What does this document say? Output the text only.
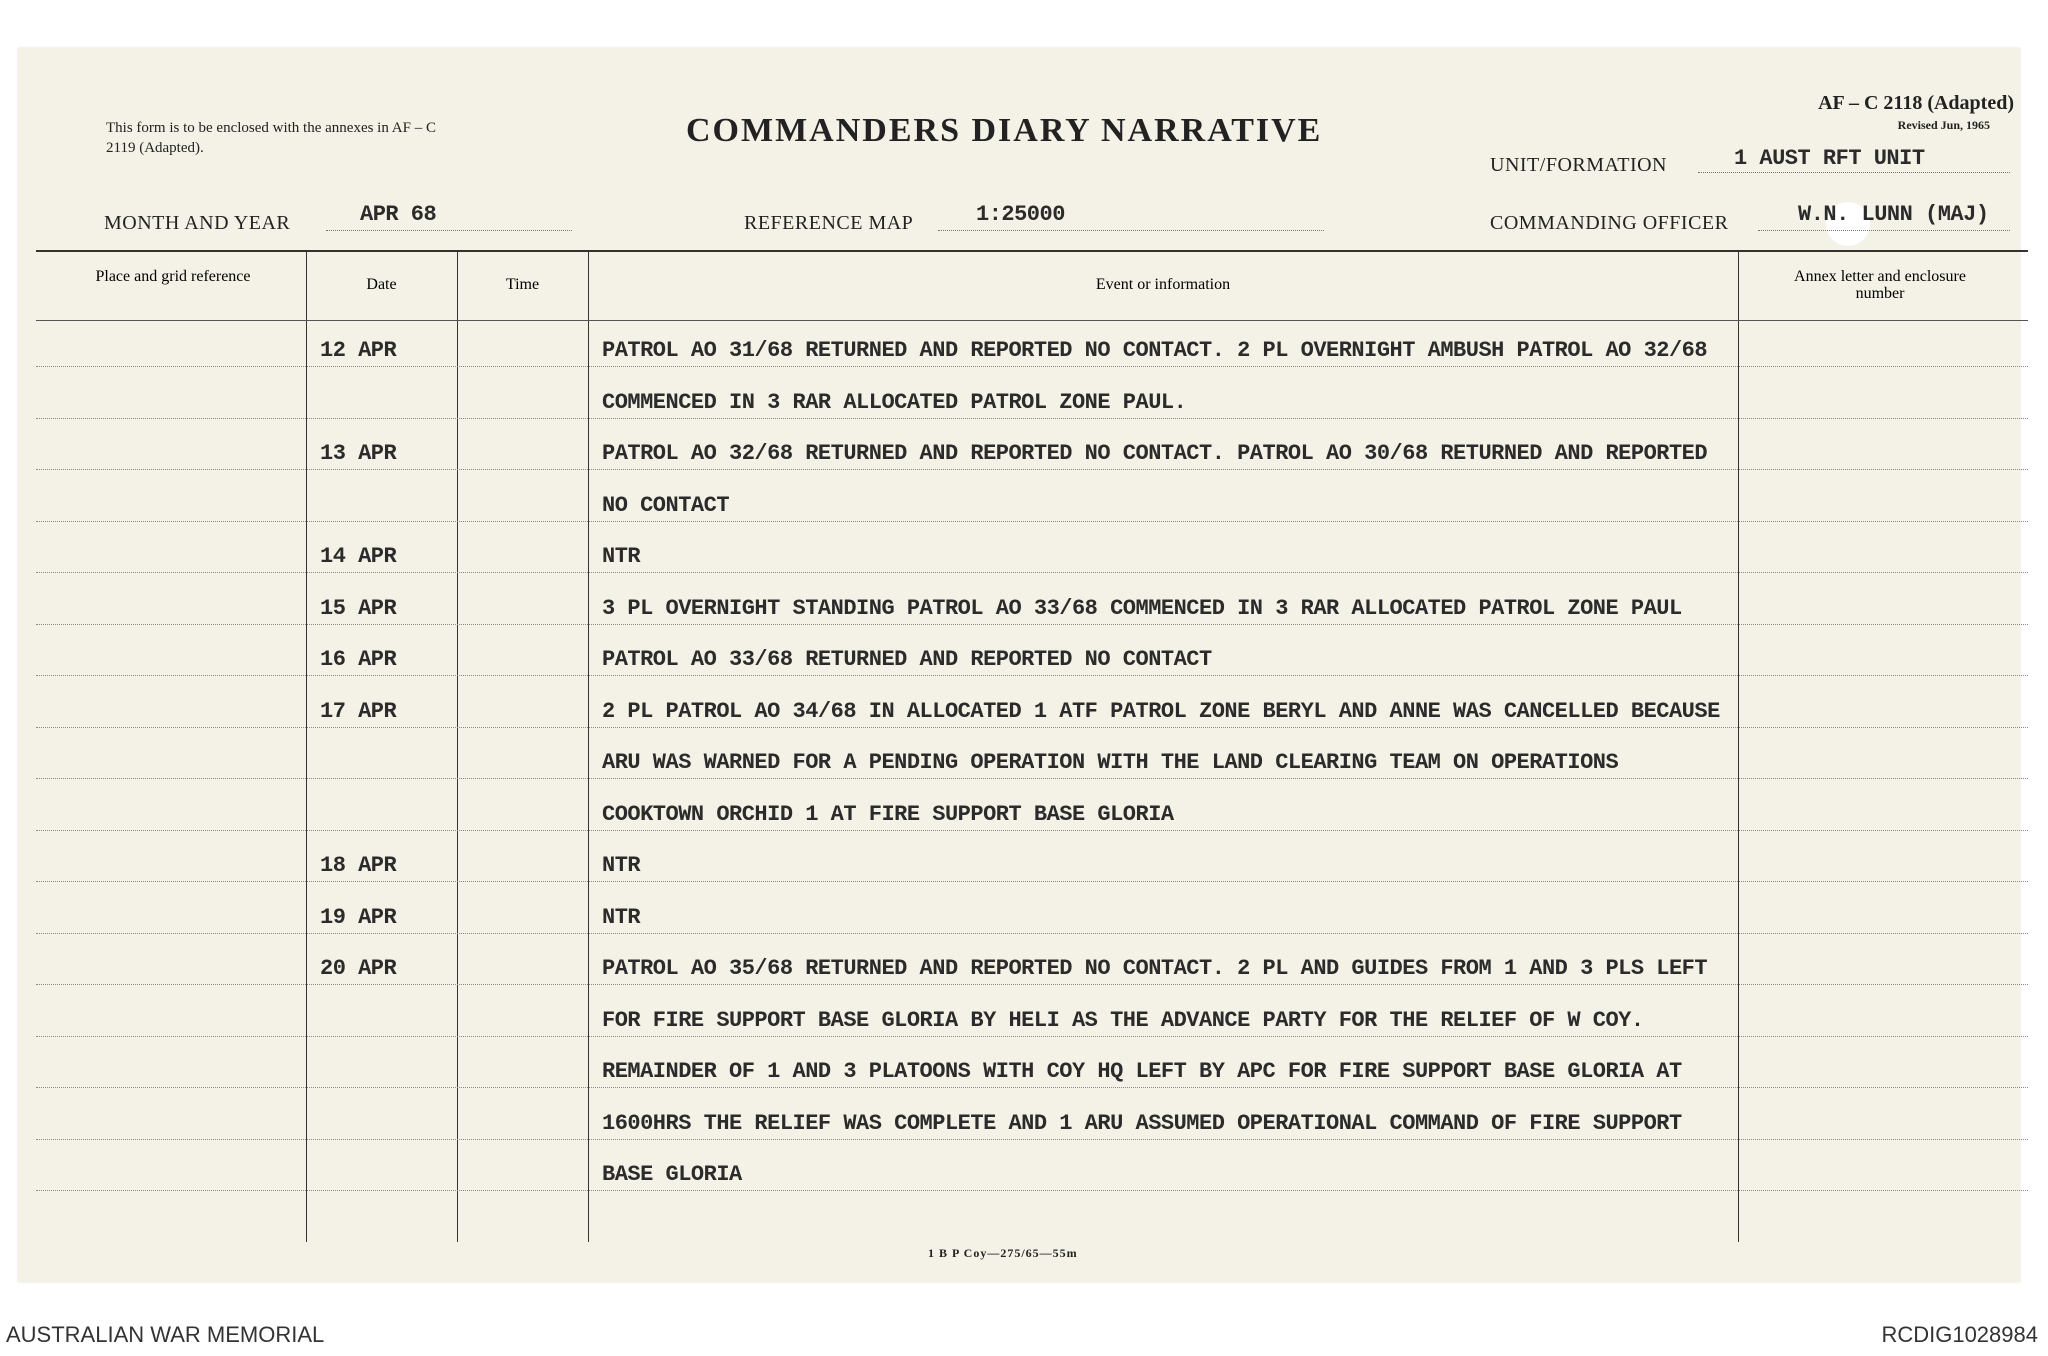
This form is to be enclosed with the annexes in AF – C 2119 (Adapted).	COMMANDERS DIARY NARRATIVE
AF – C 2118 (Adapted)
Revised Jun, 1965
UNIT/FORMATION	1 AUST RFT UNIT
MONTH AND YEAR	APR 68	REFERENCE MAP	1:25000	COMMANDING OFFICER	W.N. LUNN (MAJ)
Place and grid reference	Date	Time	Event or information	Annex letter and enclosure number
12 APR	PATROL AO 31/68 RETURNED AND REPORTED NO CONTACT. 2 PL OVERNIGHT AMBUSH PATROL AO 32/68
COMMENCED IN 3 RAR ALLOCATED PATROL ZONE PAUL.
13 APR	PATROL AO 32/68 RETURNED AND REPORTED NO CONTACT. PATROL AO 30/68 RETURNED AND REPORTED
NO CONTACT
14 APR	NTR
15 APR	3 PL OVERNIGHT STANDING PATROL AO 33/68 COMMENCED IN 3 RAR ALLOCATED PATROL ZONE PAUL
16 APR	PATROL AO 33/68 RETURNED AND REPORTED NO CONTACT
17 APR	2 PL PATROL AO 34/68 IN ALLOCATED 1 ATF PATROL ZONE BERYL AND ANNE WAS CANCELLED BECAUSE
ARU WAS WARNED FOR A PENDING OPERATION WITH THE LAND CLEARING TEAM ON OPERATIONS
COOKTOWN ORCHID 1 AT FIRE SUPPORT BASE GLORIA
18 APR	NTR
19 APR	NTR
20 APR	PATROL AO 35/68 RETURNED AND REPORTED NO CONTACT. 2 PL AND GUIDES FROM 1 AND 3 PLS LEFT
FOR FIRE SUPPORT BASE GLORIA BY HELI AS THE ADVANCE PARTY FOR THE RELIEF OF W COY.
REMAINDER OF 1 AND 3 PLATOONS WITH COY HQ LEFT BY APC FOR FIRE SUPPORT BASE GLORIA AT
1600HRS THE RELIEF WAS COMPLETE AND 1 ARU ASSUMED OPERATIONAL COMMAND OF FIRE SUPPORT
BASE GLORIA
1 B P Coy—275/65—55m
AUSTRALIAN WAR MEMORIAL	RCDIG1028984
